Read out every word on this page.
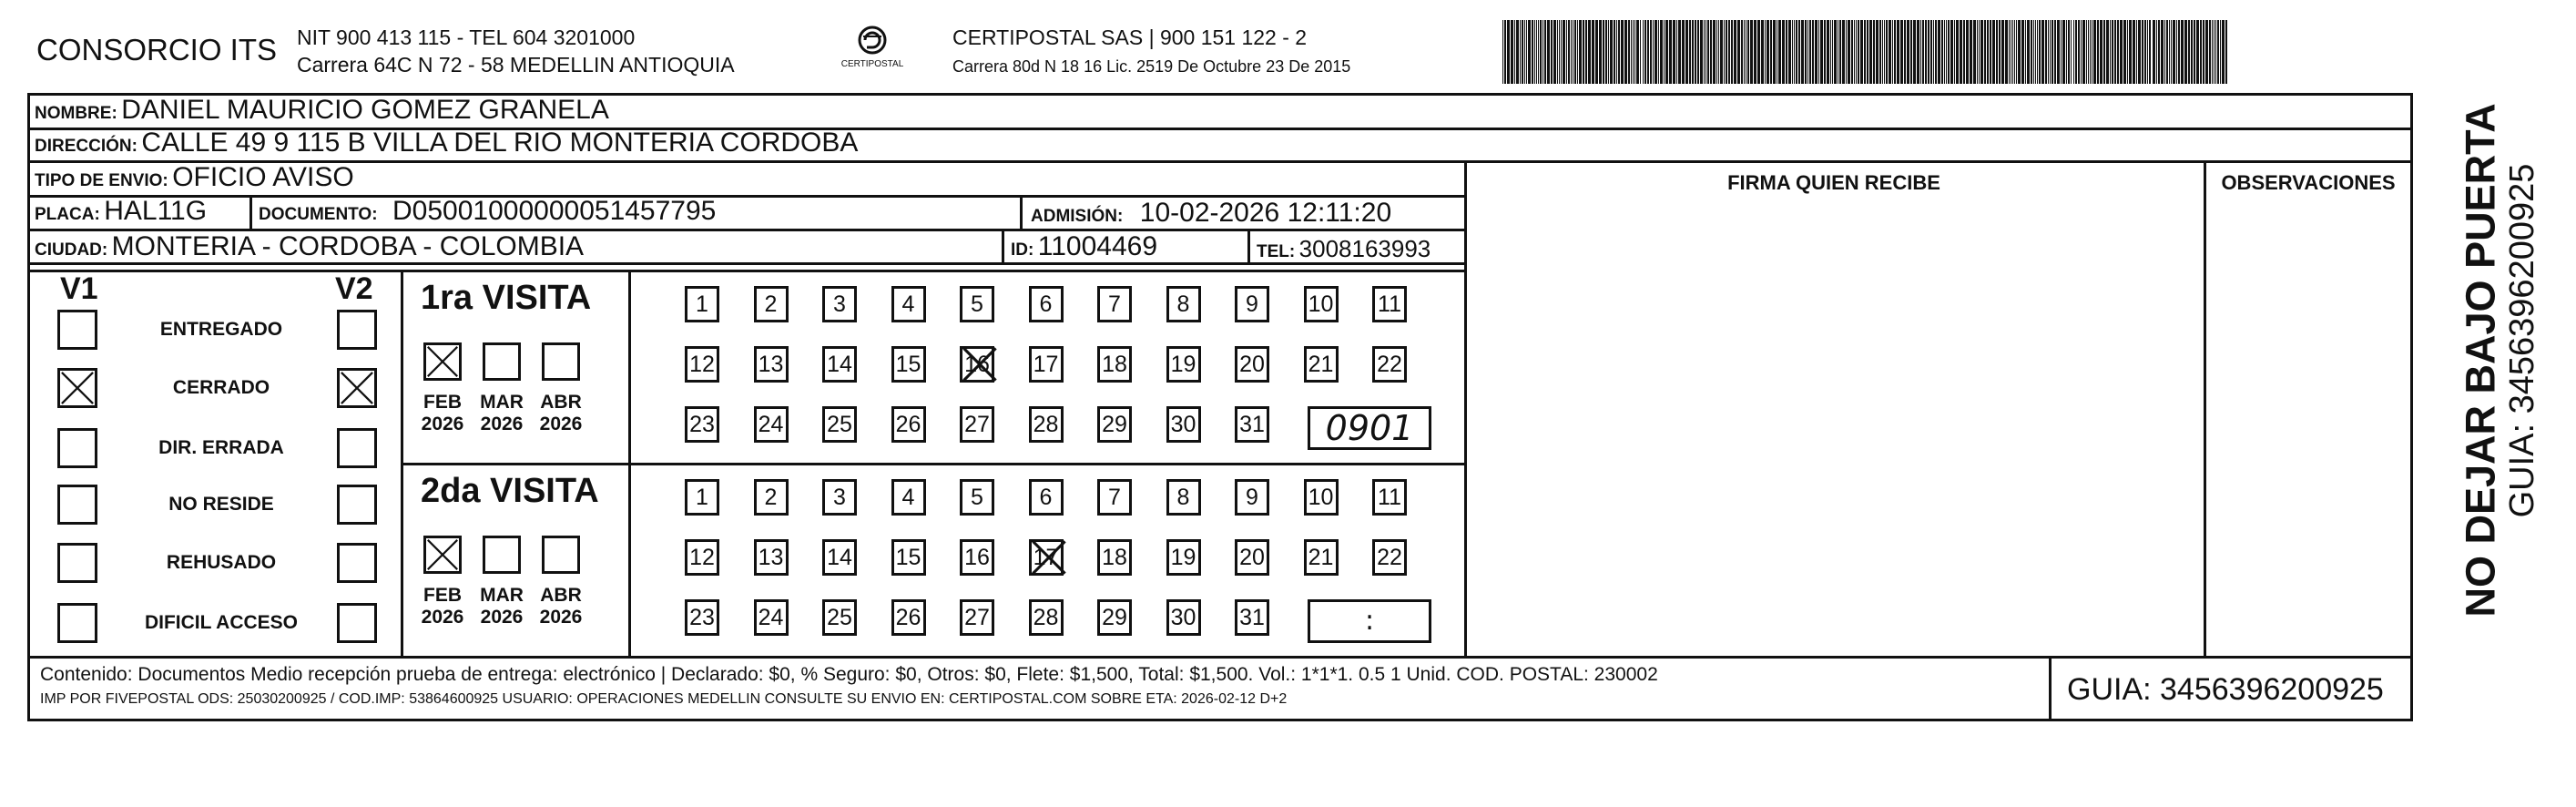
CONSORCIO ITS NIT 900 413 115 - TEL 604 3201000
Carrera 64C N 72 - 58 MEDELLIN ANTIOQUIA	CERTIPOSTAL
CERTIPOSTAL SAS | 900 151 122 - 2
Carrera 80d N 18 16 Lic. 2519 De Octubre 23 De 2015
NOMBRE: DANIEL MAURICIO GOMEZ GRANELA
DIRECCIÓN: CALLE 49 9 115 B VILLA DEL RIO MONTERIA CORDOBA
TIPO DE ENVIO: OFICIO AVISO
PLACA: HAL11G	DOCUMENTO: D05001000000051457795	ADMISIÓN: 10-02-2026 12:11:20
CIUDAD: MONTERIA - CORDOBA - COLOMBIA	ID: 11004469	TEL: 3008163993
FIRMA QUIEN RECIBE	OBSERVACIONES
V1	V2
ENTREGADO
CERRADO
DIR. ERRADA
NO RESIDE
REHUSADO
DIFICIL ACCESO
1ra VISITA
FEB
2026
MAR
2026
ABR
2026
1	2	3	4	5	6	7	8	9	10 11
12 13 14 15 16 17 18 19 20 21 22
23 24 25 26 27 28 29 30 31	0901
2da VISITA
FEB
2026
MAR
2026
ABR
2026
1	2	3	4	5	6	7	8	9	10 11
12 13 14 15 16 17 18 19 20 21 22
23 24 25 26 27 28 29 30 31	:
Contenido: Documentos Medio recepción prueba de entrega: electrónico | Declarado: $0, % Seguro: $0, Otros: $0, Flete: $1,500, Total: $1,500. Vol.: 1*1*1. 0.5 1 Unid. COD. POSTAL: 230002
IMP POR FIVEPOSTAL ODS: 25030200925 / COD.IMP: 53864600925 USUARIO: OPERACIONES MEDELLIN CONSULTE SU ENVIO EN: CERTIPOSTAL.COM SOBRE ETA: 2026-02-12 D+2	GUIA: 3456396200925
NO DEJAR BAJO PUERTA GUIA: 3456396200925
